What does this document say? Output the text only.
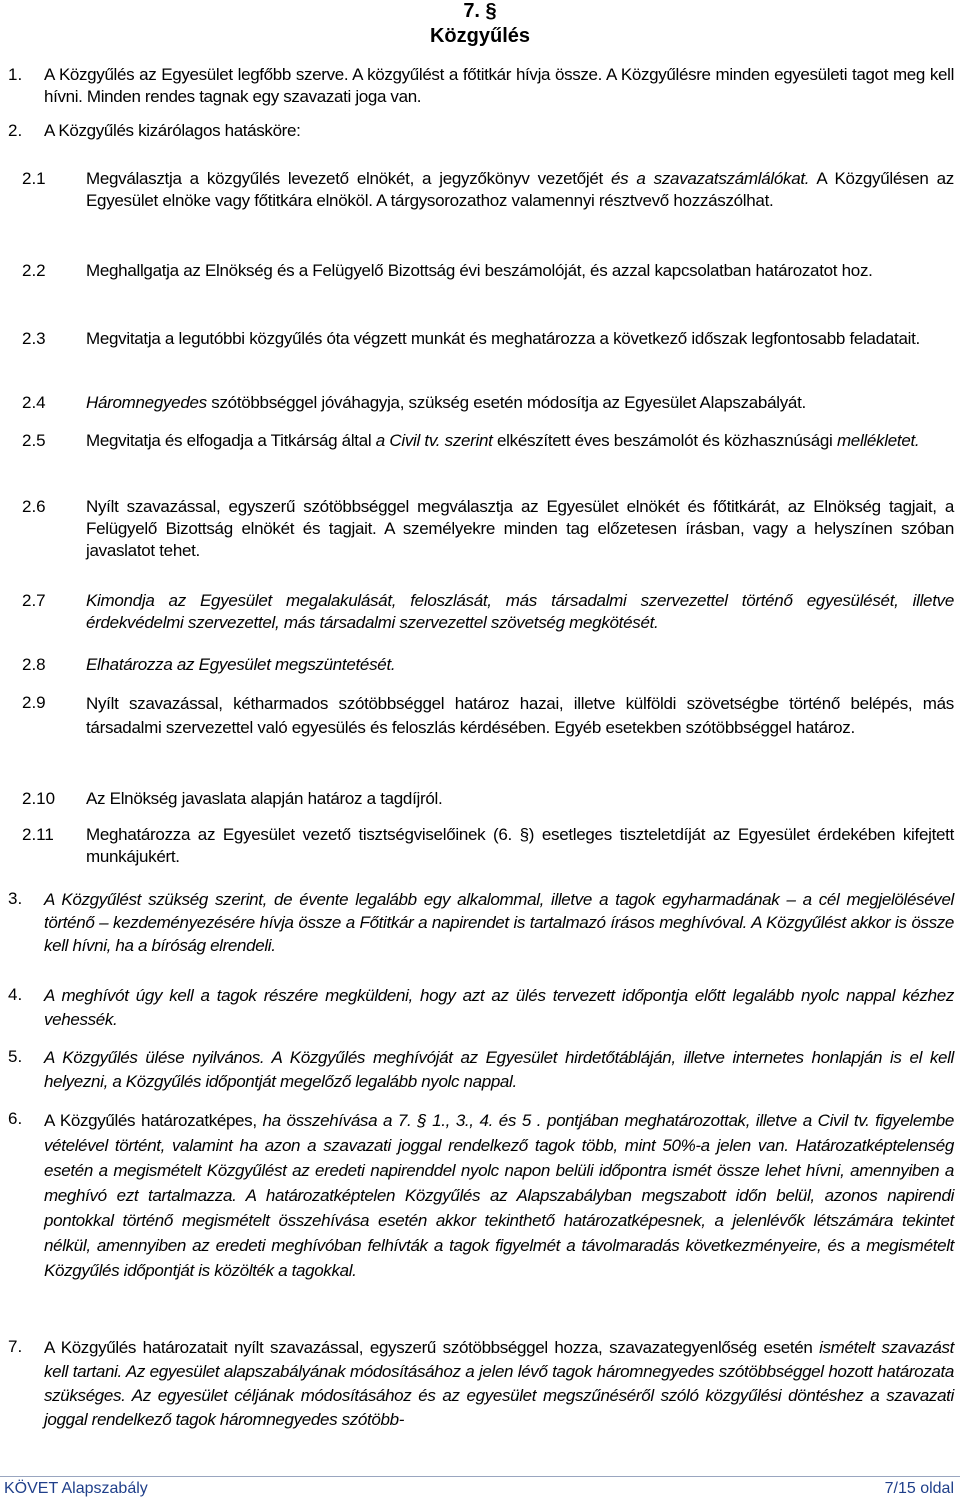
7. §
Közgyűlés
1. A Közgyűlés az Egyesület legfőbb szerve. A közgyűlést a főtitkár hívja össze. A Közgyűlésre minden egyesületi tagot meg kell hívni. Minden rendes tagnak egy szavazati joga van.
2. A Közgyűlés kizárólagos hatásköre:
2.1 Megválasztja a közgyűlés levezető elnökét, a jegyzőkönyv vezetőjét és a szavazatszámlálókat. A Közgyűlésen az Egyesület elnöke vagy főtitkára elnököl. A tárgysorozathoz valamennyi résztvevő hozzászólhat.
2.2 Meghallgatja az Elnökség és a Felügyelő Bizottság évi beszámolóját, és azzal kapcsolatban határozatot hoz.
2.3 Megvitatja a legutóbbi közgyűlés óta végzett munkát és meghatározza a következő időszak legfontosabb feladatait.
2.4 Háromnegyedes szótöbbséggel jóváhagyja, szükség esetén módosítja az Egyesület Alapszabályát.
2.5 Megvitatja és elfogadja a Titkárság által a Civil tv. szerint elkészített éves beszámolót és közhasznúsági mellékletet.
2.6 Nyílt szavazással, egyszerű szótöbbséggel megválasztja az Egyesület elnökét és főtitkárát, az Elnökség tagjait, a Felügyelő Bizottság elnökét és tagjait. A személyekre minden tag előzetesen írásban, vagy a helyszínen szóban javaslatot tehet.
2.7 Kimondja az Egyesület megalakulását, feloszlását, más társadalmi szervezettel történő egyesülését, illetve érdekvédelmi szervezettel, más társadalmi szervezettel szövetség megkötését.
2.8 Elhatározza az Egyesület megszüntetését.
2.9 Nyílt szavazással, kétharmados szótöbbséggel határoz hazai, illetve külföldi szövetségbe történő belépés, más társadalmi szervezettel való egyesülés és feloszlás kérdésében. Egyéb esetekben szótöbbséggel határoz.
2.10 Az Elnökség javaslata alapján határoz a tagdíjról.
2.11 Meghatározza az Egyesület vezető tisztségviselőinek (6. §) esetleges tiszteletdíját az Egyesület érdekében kifejtett munkájukért.
3. A Közgyűlést szükség szerint, de évente legalább egy alkalommal, illetve a tagok egyharmadának – a cél megjelölésével történő – kezdeményezésére hívja össze a Főtitkár a napirendet is tartalmazó írásos meghívóval. A Közgyűlést akkor is össze kell hívni, ha a bíróság elrendeli.
4. A meghívót úgy kell a tagok részére megküldeni, hogy azt az ülés tervezett időpontja előtt legalább nyolc nappal kézhez vehessék.
5. A Közgyűlés ülése nyilvános. A Közgyűlés meghívóját az Egyesület hirdetőtábláján, illetve internetes honlapján is el kell helyezni, a Közgyűlés időpontját megelőző legalább nyolc nappal.
6. A Közgyűlés határozatképes, ha összehívása a 7. § 1., 3., 4. és 5 . pontjában meghatározottak, illetve a Civil tv. figyelembe vételével történt, valamint ha azon a szavazati joggal rendelkező tagok több, mint 50%-a jelen van. Határozatképtelenség esetén a megismételt Közgyűlést az eredeti napirenddel nyolc napon belüli időpontra ismét össze lehet hívni, amennyiben a meghívó ezt tartalmazza. A határozatképtelen Közgyűlés az Alapszabályban megszabott időn belül, azonos napirendi pontokkal történő megismételt összehívása esetén akkor tekinthető határozatképesnek, a jelenlévők létszámára tekintet nélkül, amennyiben az eredeti meghívóban felhívták a tagok figyelmét a távolmaradás következményeire, és a megismételt Közgyűlés időpontját is közölték a tagokkal.
7. A Közgyűlés határozatait nyílt szavazással, egyszerű szótöbbséggel hozza, szavazategyenlőség esetén ismételt szavazást kell tartani. Az egyesület alapszabályának módosításához a jelen lévő tagok háromnegyedes szótöbbséggel hozott határozata szükséges. Az egyesület céljának módosításához és az egyesület megszűnéséről szóló közgyűlési döntéshez a szavazati joggal rendelkező tagok háromnegyedes szótöbb-
KÖVET Alapszabály	7/15 oldal
